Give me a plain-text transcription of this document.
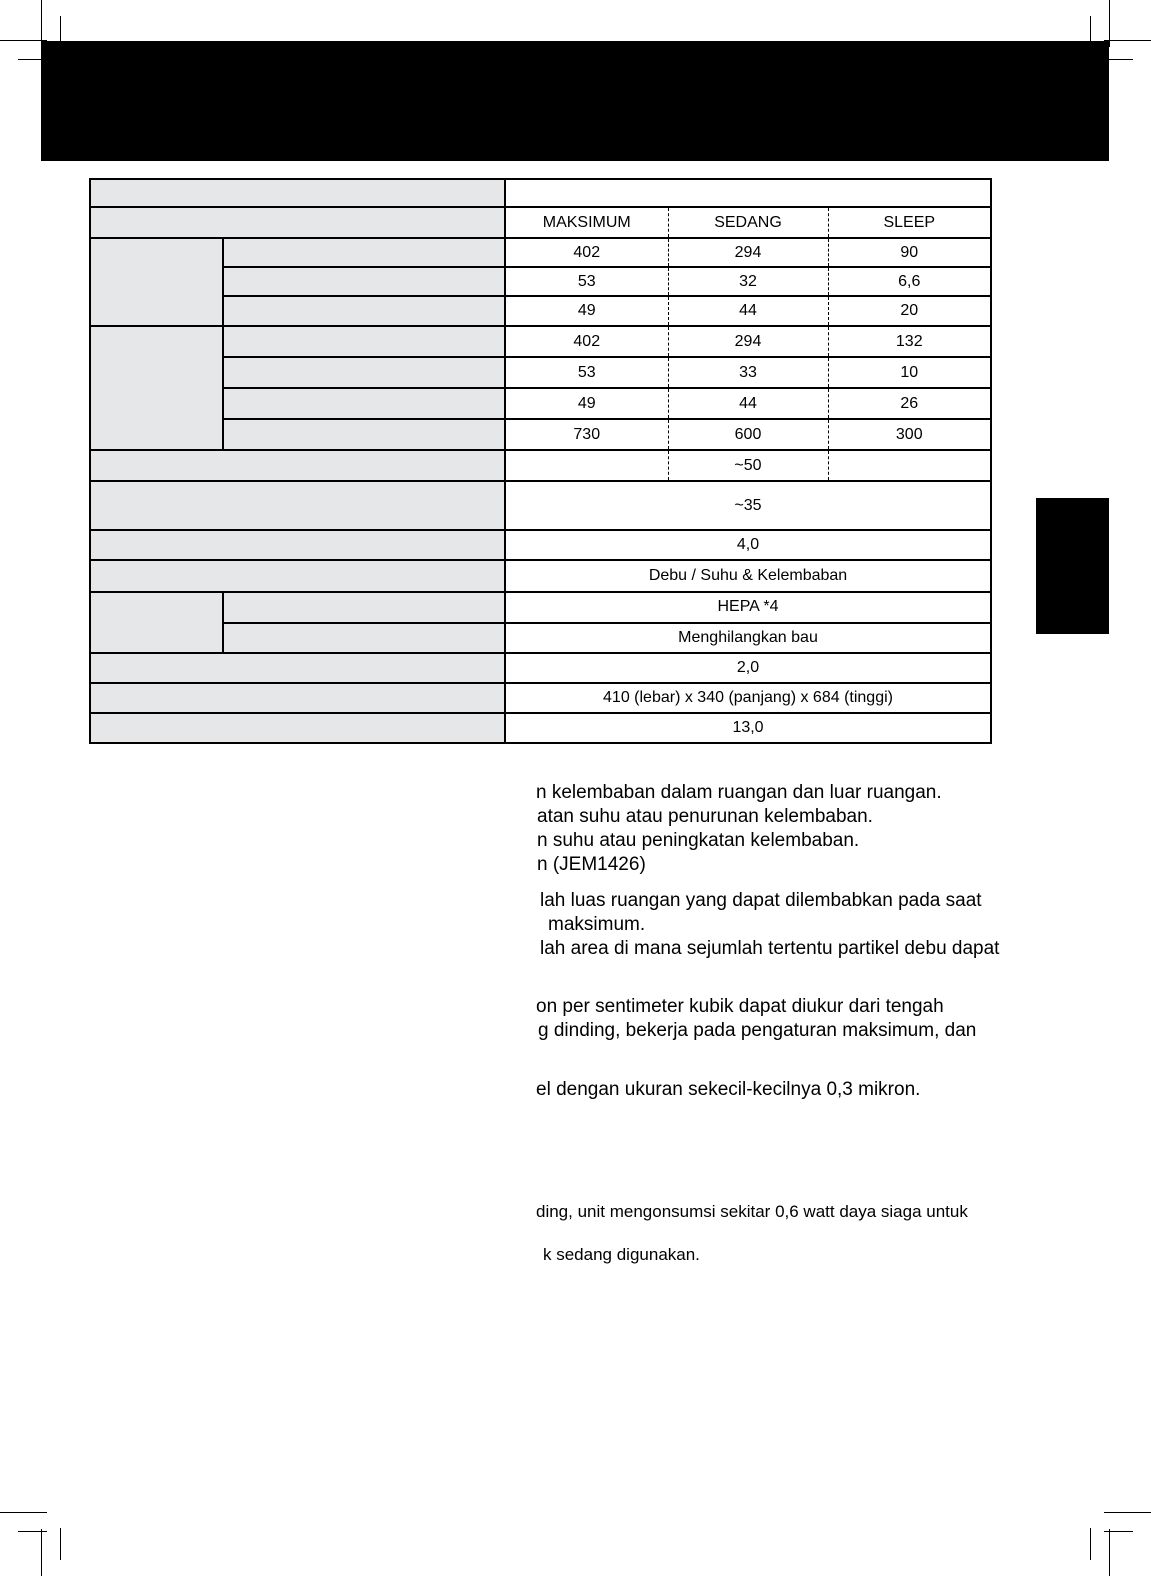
		MAKSIMUM	SEDANG	SLEEP
		402	294	90
		53	32	6,6
		49	44	20
		402	294	132
		53	33	10
		49	44	26
		730	600	300
			~50	
		~35		
		4,0		
		Debu / Suhu & Kelembaban		
		HEPA *4		
		Menghilangkan bau		
		2,0		
		410 (lebar) x 340 (panjang) x 684 (tinggi)		
		13,0		
n kelembaban dalam ruangan dan luar ruangan.
atan suhu atau penurunan kelembaban.
n suhu atau peningkatan kelembaban.
n (JEM1426)
lah luas ruangan yang dapat dilembabkan pada saat
maksimum.
lah area di mana sejumlah tertentu partikel debu dapat
on per sentimeter kubik dapat diukur dari tengah
g dinding, bekerja pada pengaturan maksimum, dan
el dengan ukuran sekecil-kecilnya 0,3 mikron.
ding, unit mengonsumsi sekitar 0,6 watt daya siaga untuk
k sedang digunakan.
